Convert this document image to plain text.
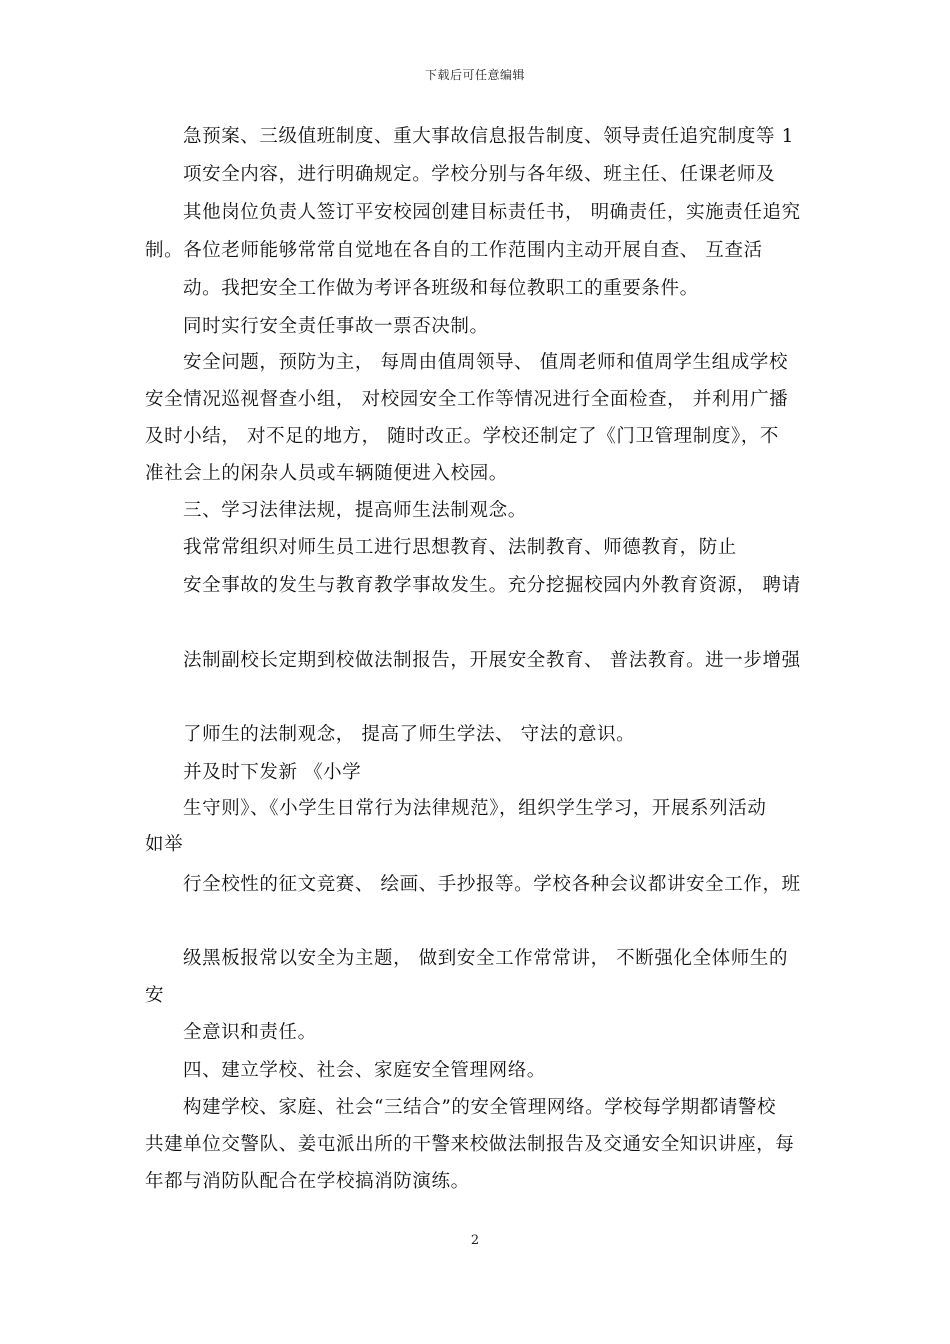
下载后可任意编辑
急预案、三级值班制度、重大事故信息报告制度、领导责任追究制度等 1
项安全内容，进行明确规定。学校分别与各年级、班主任、任课老师及
其他岗位负责人签订平安校园创建目标责任书， 明确责任，实施责任追究
制。各位老师能够常常自觉地在各自的工作范围内主动开展自查、 互查活
动。我把安全工作做为考评各班级和每位教职工的重要条件。
同时实行安全责任事故一票否决制。
安全问题，预防为主， 每周由值周领导、 值周老师和值周学生组成学校
安全情况巡视督查小组， 对校园安全工作等情况进行全面检查， 并利用广播
及时小结， 对不足的地方， 随时改正。学校还制定了《门卫管理制度》，不
准社会上的闲杂人员或车辆随便进入校园。
三、学习法律法规，提高师生法制观念。
我常常组织对师生员工进行思想教育、法制教育、师德教育，防止
安全事故的发生与教育教学事故发生。充分挖掘校园内外教育资源， 聘请
法制副校长定期到校做法制报告，开展安全教育、 普法教育。进一步增强
了师生的法制观念， 提高了师生学法、 守法的意识。
并及时下发新 《小学
生守则》、《小学生日常行为法律规范》，组织学生学习，开展系列活动
如举
行全校性的征文竞赛、 绘画、手抄报等。学校各种会议都讲安全工作，班
级黑板报常以安全为主题， 做到安全工作常常讲， 不断强化全体师生的
安
全意识和责任。
四、建立学校、社会、家庭安全管理网络。
构建学校、家庭、社会“三结合”的安全管理网络。学校每学期都请警校
共建单位交警队、姜屯派出所的干警来校做法制报告及交通安全知识讲座，每
年都与消防队配合在学校搞消防演练。
2
